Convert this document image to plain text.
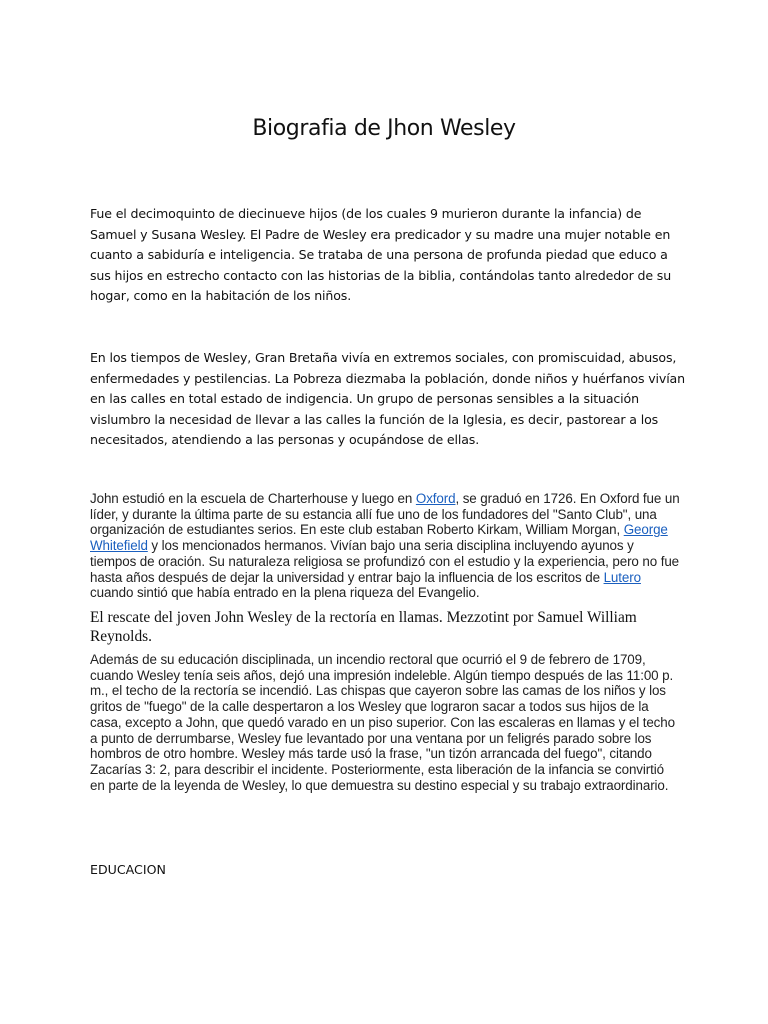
Biografia de Jhon Wesley
Fue el decimoquinto de diecinueve hijos (de los cuales 9 murieron durante la infancia) de Samuel y Susana Wesley. El Padre de Wesley era predicador y su madre una mujer notable en cuanto a sabiduría e inteligencia. Se trataba de una persona de profunda piedad que educo a sus hijos en estrecho contacto con las historias de la biblia, contándolas tanto alrededor de su hogar, como en la habitación de los niños.
En los tiempos de Wesley, Gran Bretaña vivía en extremos sociales, con promiscuidad, abusos, enfermedades y pestilencias. La Pobreza diezmaba la población, donde niños y huérfanos vivían en las calles en total estado de indigencia. Un grupo de personas sensibles a la situación vislumbro la necesidad de llevar a las calles la función de la Iglesia, es decir, pastorear a los necesitados, atendiendo a las personas y ocupándose de ellas.
John estudió en la escuela de Charterhouse y luego en Oxford, se graduó en 1726. En Oxford fue un líder, y durante la última parte de su estancia allí fue uno de los fundadores del "Santo Club", una organización de estudiantes serios. En este club estaban Roberto Kirkam, William Morgan, George Whitefield y los mencionados hermanos. Vivían bajo una seria disciplina incluyendo ayunos y tiempos de oración. Su naturaleza religiosa se profundizó con el estudio y la experiencia, pero no fue hasta años después de dejar la universidad y entrar bajo la influencia de los escritos de Lutero cuando sintió que había entrado en la plena riqueza del Evangelio.
El rescate del joven John Wesley de la rectoría en llamas. Mezzotint por Samuel William Reynolds.
Además de su educación disciplinada, un incendio rectoral que ocurrió el 9 de febrero de 1709, cuando Wesley tenía seis años, dejó una impresión indeleble. Algún tiempo después de las 11:00 p. m., el techo de la rectoría se incendió. Las chispas que cayeron sobre las camas de los niños y los gritos de "fuego" de la calle despertaron a los Wesley que lograron sacar a todos sus hijos de la casa, excepto a John, que quedó varado en un piso superior. Con las escaleras en llamas y el techo a punto de derrumbarse, Wesley fue levantado por una ventana por un feligrés parado sobre los hombros de otro hombre. Wesley más tarde usó la frase, "un tizón arrancada del fuego", citando Zacarías 3: 2, para describir el incidente. Posteriormente, esta liberación de la infancia se convirtió en parte de la leyenda de Wesley, lo que demuestra su destino especial y su trabajo extraordinario.
EDUCACION
